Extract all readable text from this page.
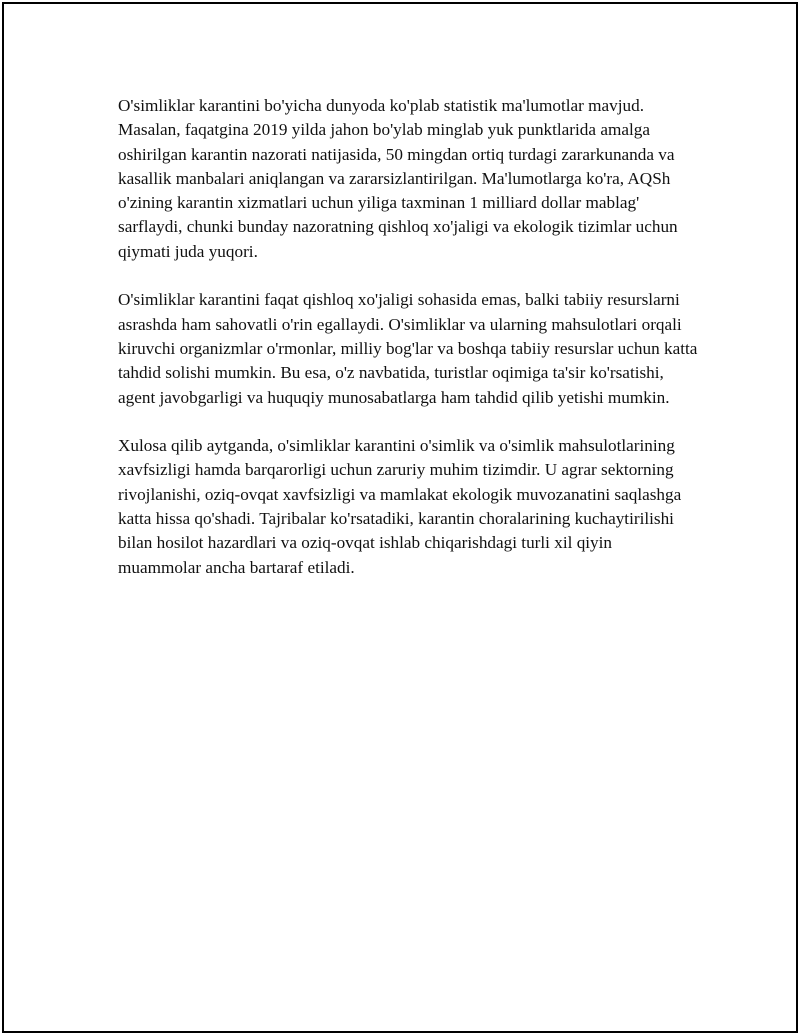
O'simliklar karantini bo'yicha dunyoda ko'plab statistik ma'lumotlar mavjud. Masalan, faqatgina 2019 yilda jahon bo'ylab minglab yuk punktlarida amalga oshirilgan karantin nazorati natijasida, 50 mingdan ortiq turdagi zararkunanda va kasallik manbalari aniqlangan va zararsizlantirilgan. Ma'lumotlarga ko'ra, AQSh o'zining karantin xizmatlari uchun yiliga taxminan 1 milliard dollar mablag' sarflaydi, chunki bunday nazoratning qishloq xo'jaligi va ekologik tizimlar uchun qiymati juda yuqori.

O'simliklar karantini faqat qishloq xo'jaligi sohasida emas, balki tabiiy resurslarni asrashda ham sahovatli o'rin egallaydi. O'simliklar va ularning mahsulotlari orqali kiruvchi organizmlar o'rmonlar, milliy bog'lar va boshqa tabiiy resurslar uchun katta tahdid solishi mumkin. Bu esa, o'z navbatida, turistlar oqimiga ta'sir ko'rsatishi, agent javobgarligi va huquqiy munosabatlarga ham tahdid qilib yetishi mumkin.

Xulosa qilib aytganda, o'simliklar karantini o'simlik va o'simlik mahsulotlarining xavfsizligi hamda barqarorligi uchun zaruriy muhim tizimdir. U agrar sektorning rivojlanishi, oziq-ovqat xavfsizligi va mamlakat ekologik muvozanatini saqlashga katta hissa qo'shadi. Tajribalar ko'rsatadiki, karantin choralarining kuchaytirilishi bilan hosilot hazardlari va oziq-ovqat ishlab chiqarishdagi turli xil qiyin muammolar ancha bartaraf etiladi.
